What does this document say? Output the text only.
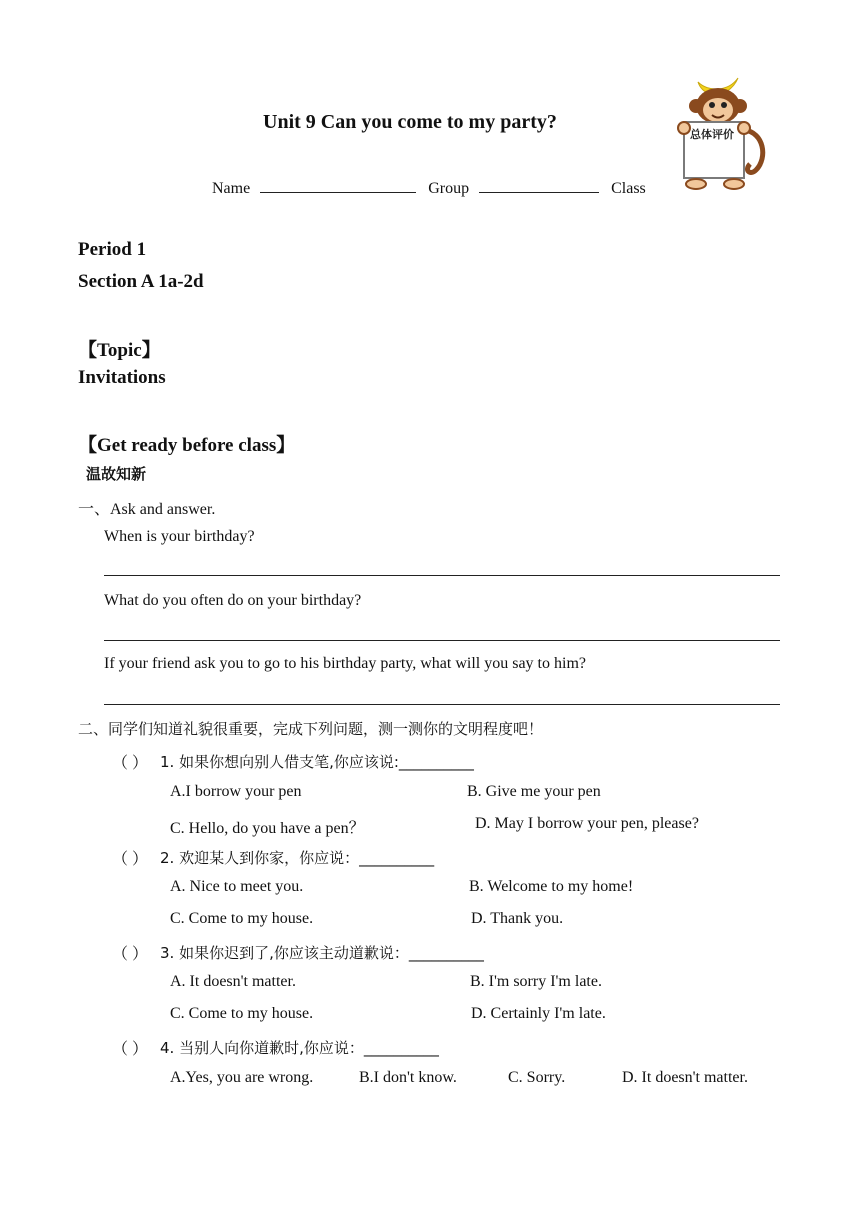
Unit 9 Can you come to my party?
Name	Group	Class
总体评价
Period 1
Section A 1a-2d
【Topic】
Invitations
【Get ready before class】
温故知新
一、Ask and answer.
When is your birthday?
What do you often do on your birthday?
If your friend ask you to go to his birthday party, what will you say to him?
二、同学们知道礼貌很重要，完成下列问题，测一测你的文明程度吧！
（ ） 1. 如果你想向别人借支笔,你应该说:__________
A.I borrow your pen	B. Give me your pen
C. Hello, do you have a pen？	D. May I borrow your pen, please?
（ ） 2. 欢迎某人到你家，你应说：__________
A. Nice to meet you.	B. Welcome to my home!
C. Come to my house.	D. Thank you.
（ ） 3. 如果你迟到了,你应该主动道歉说：__________
A. It doesn't matter.	B. I'm sorry I'm late.
C. Come to my house.	D. Certainly I'm late.
（ ） 4. 当别人向你道歉时,你应说：__________
A.Yes, you are wrong.	B.I don't know.	C. Sorry.	D. It doesn't matter.
